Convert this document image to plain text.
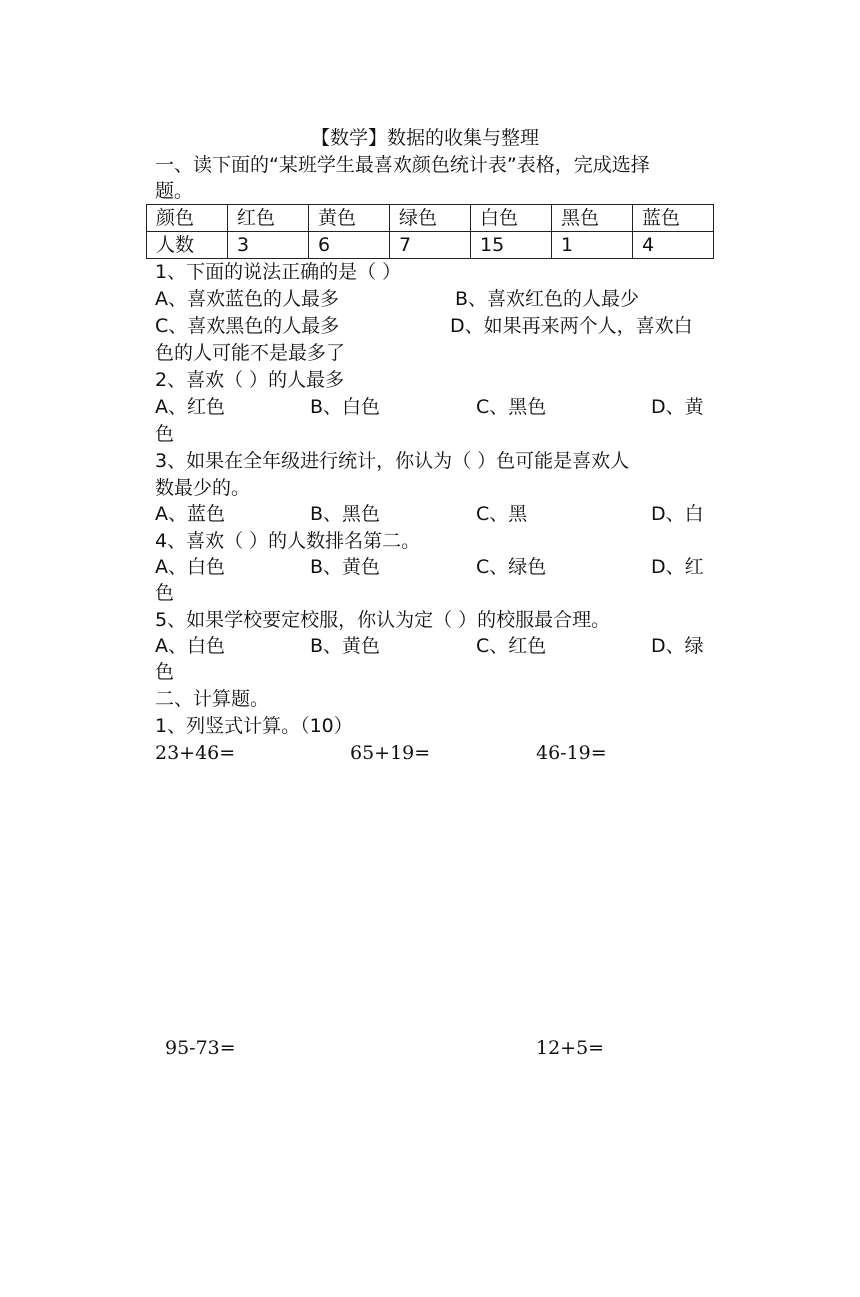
【数学】数据的收集与整理
一、读下面的“某班学生最喜欢颜色统计表”表格，完成选择
题。
颜色	红色	黄色	绿色	白色	黑色	蓝色
人数	3	6	7	15	1	4
1、下面的说法正确的是（ ）
A、喜欢蓝色的人最多	B、喜欢红色的人最少
C、喜欢黑色的人最多	D、如果再来两个人，喜欢白
色的人可能不是最多了
2、喜欢（ ）的人最多
A、红色	B、白色	C、黑色	D、黄
色
3、如果在全年级进行统计，你认为（ ）色可能是喜欢人
数最少的。
A、蓝色	B、黑色	C、黑	D、白
4、喜欢（ ）的人数排名第二。
A、白色	B、黄色	C、绿色	D、红
色
5、如果学校要定校服，你认为定（ ）的校服最合理。
A、白色	B、黄色	C、红色	D、绿
色
二、计算题。
1、列竖式计算。（10）
23+46=	65+19=	46-19=
95-73=	12+5=
